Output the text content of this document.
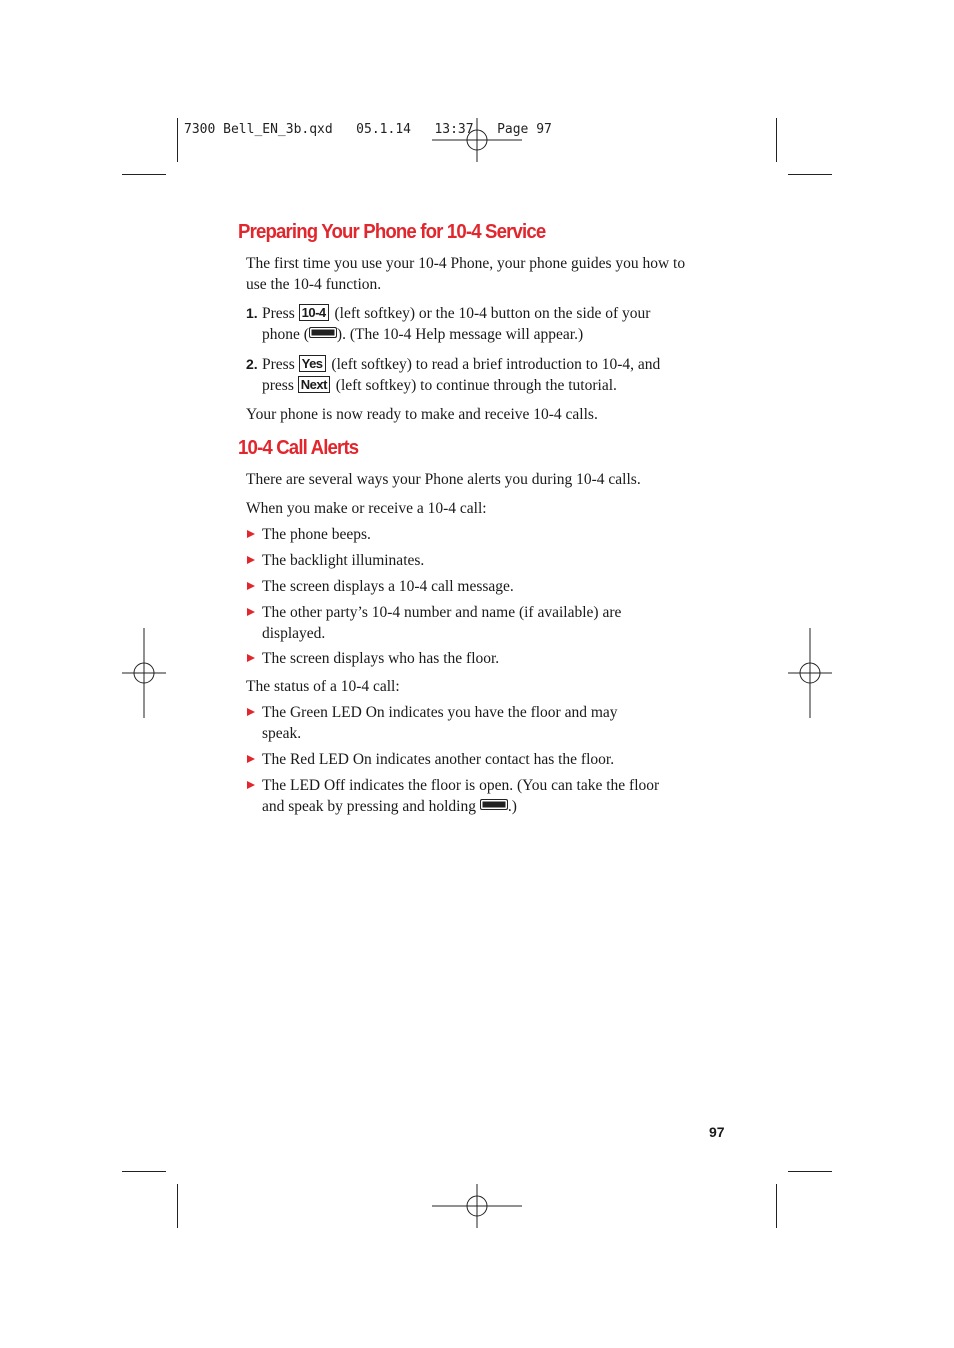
7300 Bell_EN_3b.qxd   05.1.14   13:37   Page 97
Preparing Your Phone for 10-4 Service
The first time you use your 10-4 Phone, your phone guides you how to use the 10-4 function.
1. Press 10-4 (left softkey) or the 10-4 button on the side of your phone ( ). (The 10-4 Help message will appear.)
2. Press Yes (left softkey) to read a brief introduction to 10-4, and press Next (left softkey) to continue through the tutorial.
Your phone is now ready to make and receive 10-4 calls.
10-4 Call Alerts
There are several ways your Phone alerts you during 10-4 calls.
When you make or receive a 10-4 call:
The phone beeps.
The backlight illuminates.
The screen displays a 10-4 call message.
The other party’s 10-4 number and name (if available) are displayed.
The screen displays who has the floor.
The status of a 10-4 call:
The Green LED On indicates you have the floor and may speak.
The Red LED On indicates another contact has the floor.
The LED Off indicates the floor is open. (You can take the floor and speak by pressing and holding .)
97
